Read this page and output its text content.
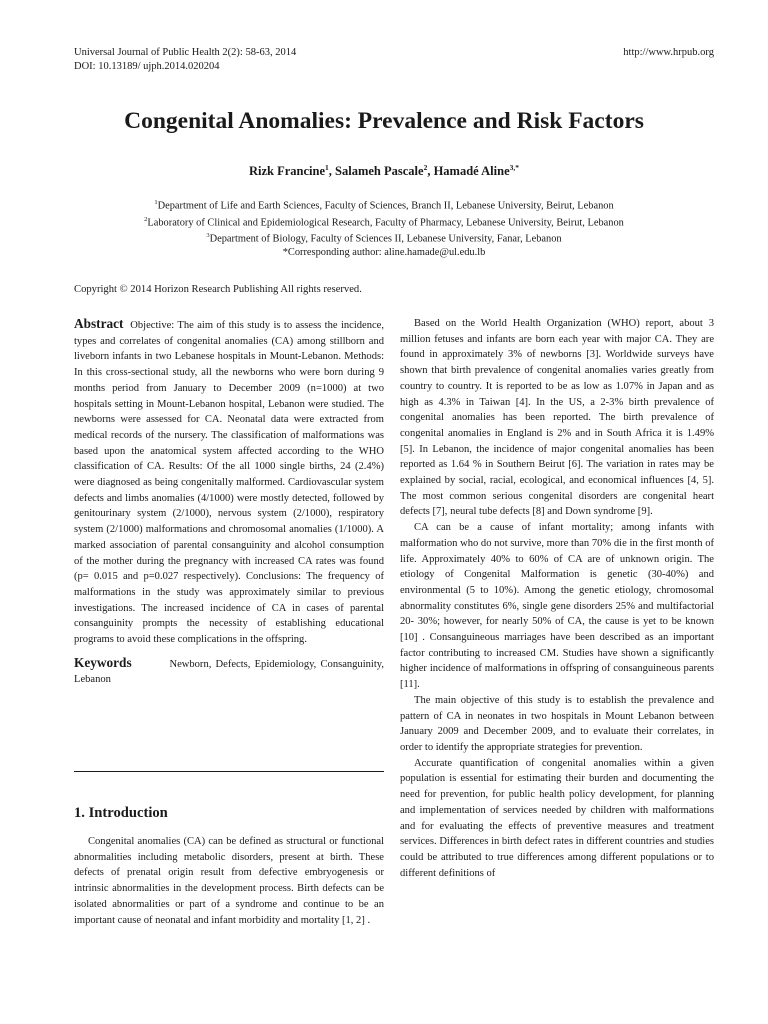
Universal Journal of Public Health 2(2): 58-63, 2014
DOI: 10.13189/ ujph.2014.020204
http://www.hrpub.org
Congenital Anomalies: Prevalence and Risk Factors
Rizk Francine$^1$, Salameh Pascale$^2$, Hamadé Aline$^{3,*}$
$^1$Department of Life and Earth Sciences, Faculty of Sciences, Branch II, Lebanese University, Beirut, Lebanon
$^2$Laboratory of Clinical and Epidemiological Research, Faculty of Pharmacy, Lebanese University, Beirut, Lebanon
$^3$Department of Biology, Faculty of Sciences II, Lebanese University, Fanar, Lebanon
*Corresponding author: aline.hamade@ul.edu.lb
Copyright © 2014 Horizon Research Publishing All rights reserved.
Abstract Objective: The aim of this study is to assess the incidence, types and correlates of congenital anomalies (CA) among stillborn and liveborn infants in two Lebanese hospitals in Mount-Lebanon. Methods: In this cross-sectional study, all the newborns who were born during 9 months period from January to December 2009 (n=1000) at two hospitals setting in Mount-Lebanon hospital, Lebanon were studied. The newborns were assessed for CA. Neonatal data were extracted from medical records of the nursery. The classification of malformations was based upon the anatomical system affected according to the WHO classification of CA. Results: Of the all 1000 single births, 24 (2.4%) were diagnosed as being congenitally malformed. Cardiovascular system defects and limbs anomalies (4/1000) were mostly detected, followed by genitourinary system (2/1000), nervous system (2/1000), respiratory system (2/1000) malformations and chromosomal anomalies (1/1000). A marked association of parental consanguinity and alcohol consumption of the mother during the pregnancy with increased CA rates was found (p= 0.015 and p=0.027 respectively). Conclusions: The frequency of malformations in the study was approximately similar to previous investigations. The increased incidence of CA in cases of parental consanguinity prompts the necessity of establishing educational programs to avoid these complications in the offspring.
Keywords	Newborn, Defects, Epidemiology, Consanguinity, Lebanon
1. Introduction

Congenital anomalies (CA) can be defined as structural or functional abnormalities including metabolic disorders, present at birth. These defects of prenatal origin result from defective embryogenesis or intrinsic abnormalities in the development process. Birth defects can be isolated abnormalities or part of a syndrome and continue to be an important cause of neonatal and infant morbidity and mortality [1, 2] .

Based on the World Health Organization (WHO) report, about 3 million fetuses and infants are born each year with major CA. They are found in approximately 3% of newborns [3]. Worldwide surveys have shown that birth prevalence of congenital anomalies varies greatly from country to country. It is reported to be as low as 1.07% in Japan and as high as 4.3% in Taiwan [4]. In the US, a 2-3% birth prevalence of congenital anomalies has been reported. The birth prevalence of congenital anomalies in England is 2% and in South Africa it is 1.49% [5]. In Lebanon, the incidence of major congenital anomalies has been reported as 1.64 % in Southern Beirut [6]. The variation in rates may be explained by social, racial, ecological, and economical influences [4, 5]. The most common serious congenital disorders are congenital heart defects [7], neural tube defects [8] and Down syndrome [9].

CA can be a cause of infant mortality; among infants with malformation who do not survive, more than 70% die in the first month of life. Approximately 40% to 60% of CA are of unknown origin. The etiology of Congenital Malformation is genetic (30-40%) and environmental (5 to 10%). Among the genetic etiology, chromosomal abnormality constitutes 6%, single gene disorders 25% and multifactorial 20- 30%; however, for nearly 50% of CA, the cause is yet to be known [10] . Consanguineous marriages have been described as an important factor contributing to increased CM. Studies have shown a significantly higher incidence of malformations in offspring of consanguineous parents [11].

The main objective of this study is to establish the prevalence and pattern of CA in neonates in two hospitals in Mount Lebanon between January 2009 and December 2009, and to evaluate their correlates, in order to identify the appropriate strategies for prevention.

Accurate quantification of congenital anomalies within a given population is essential for estimating their burden and documenting the need for prevention, for public health policy development, for planning and implementation of services needed by children with malformations and for evaluating the effects of preventive measures and treatment services. Differences in birth defect rates in different countries and studies could be attributed to true differences among different populations or to different definitions of
